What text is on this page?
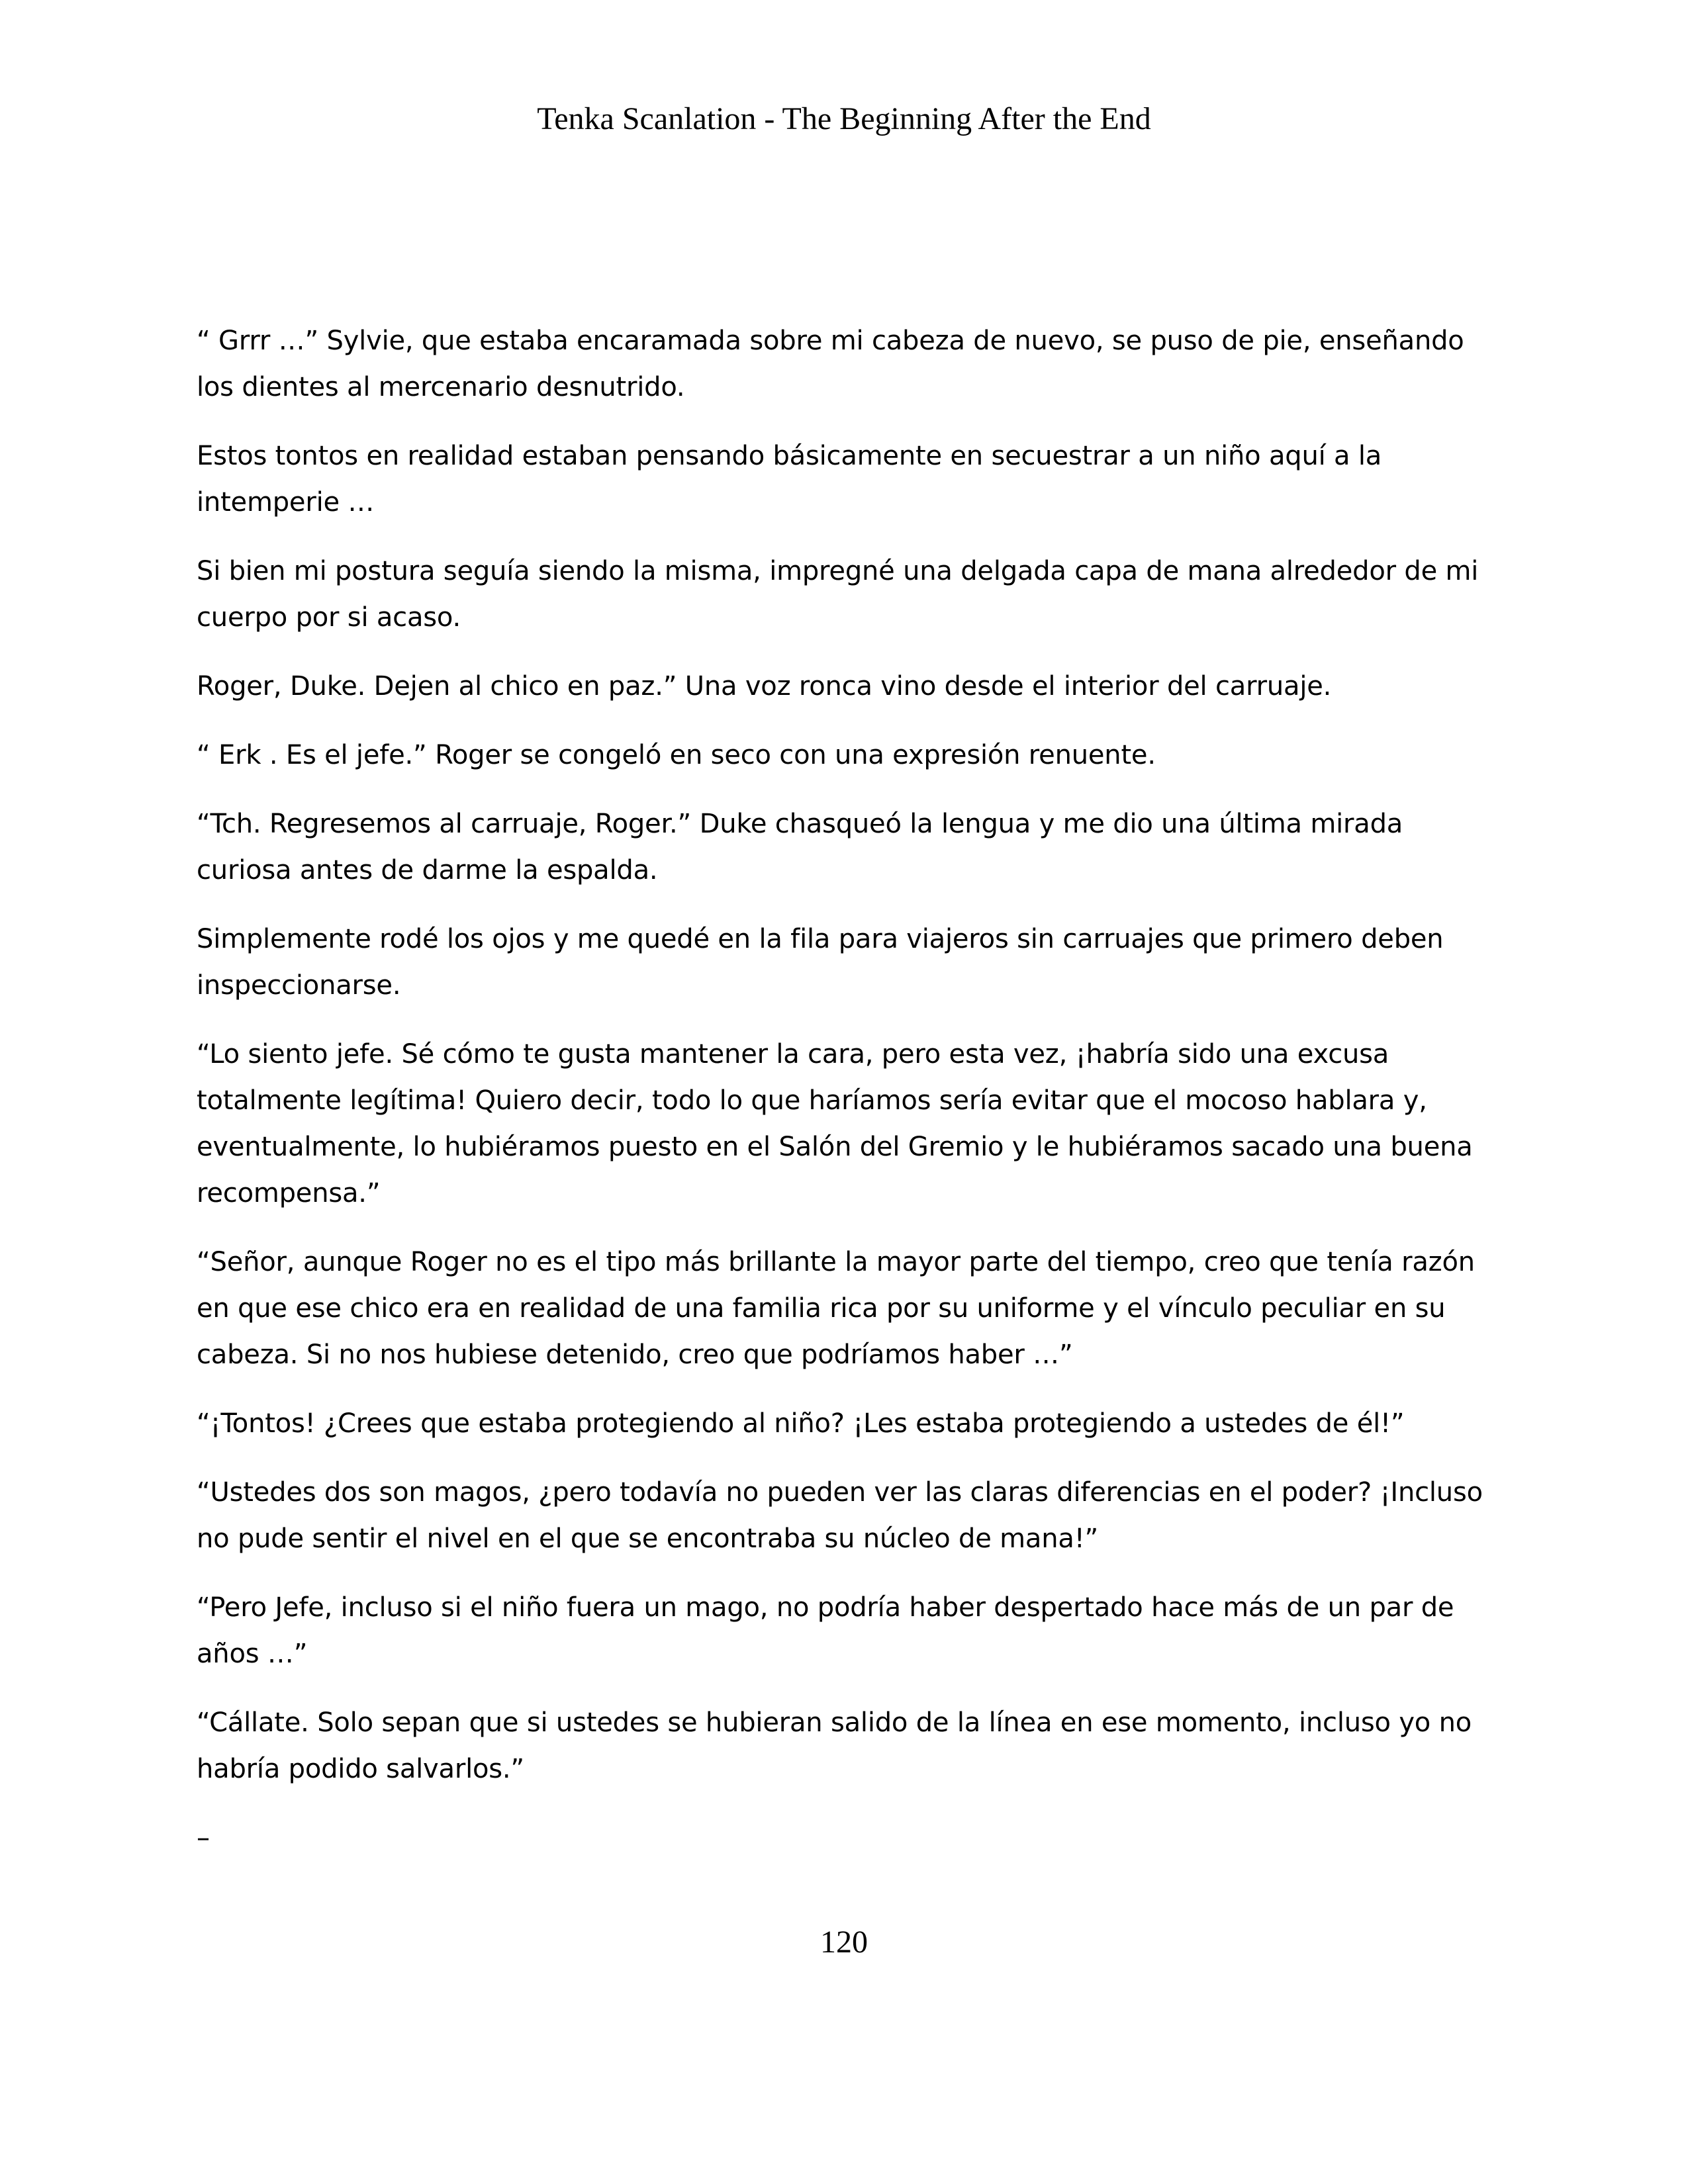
Tenka Scanlation - The Beginning After the End

“ Grrr …” Sylvie, que estaba encaramada sobre mi cabeza de nuevo, se puso de pie, enseñando los dientes al mercenario desnutrido.

Estos tontos en realidad estaban pensando básicamente en secuestrar a un niño aquí a la intemperie …

Si bien mi postura seguía siendo la misma, impregné una delgada capa de mana alrededor de mi cuerpo por si acaso.

Roger, Duke. Dejen al chico en paz.” Una voz ronca vino desde el interior del carruaje.

“ Erk . Es el jefe.” Roger se congeló en seco con una expresión renuente.

“Tch. Regresemos al carruaje, Roger.” Duke chasqueó la lengua y me dio una última mirada curiosa antes de darme la espalda.

Simplemente rodé los ojos y me quedé en la fila para viajeros sin carruajes que primero deben inspeccionarse.

“Lo siento jefe. Sé cómo te gusta mantener la cara, pero esta vez, ¡habría sido una excusa totalmente legítima! Quiero decir, todo lo que haríamos sería evitar que el mocoso hablara y, eventualmente, lo hubiéramos puesto en el Salón del Gremio y le hubiéramos sacado una buena recompensa.”

“Señor, aunque Roger no es el tipo más brillante la mayor parte del tiempo, creo que tenía razón en que ese chico era en realidad de una familia rica por su uniforme y el vínculo peculiar en su cabeza. Si no nos hubiese detenido, creo que podríamos haber …”

“¡Tontos! ¿Crees que estaba protegiendo al niño? ¡Les estaba protegiendo a ustedes de él!”

“Ustedes dos son magos, ¿pero todavía no pueden ver las claras diferencias en el poder? ¡Incluso no pude sentir el nivel en el que se encontraba su núcleo de mana!”

“Pero Jefe, incluso si el niño fuera un mago, no podría haber despertado hace más de un par de años …”

“Cállate. Solo sepan que si ustedes se hubieran salido de la línea en ese momento, incluso yo no habría podido salvarlos.”

–

120
